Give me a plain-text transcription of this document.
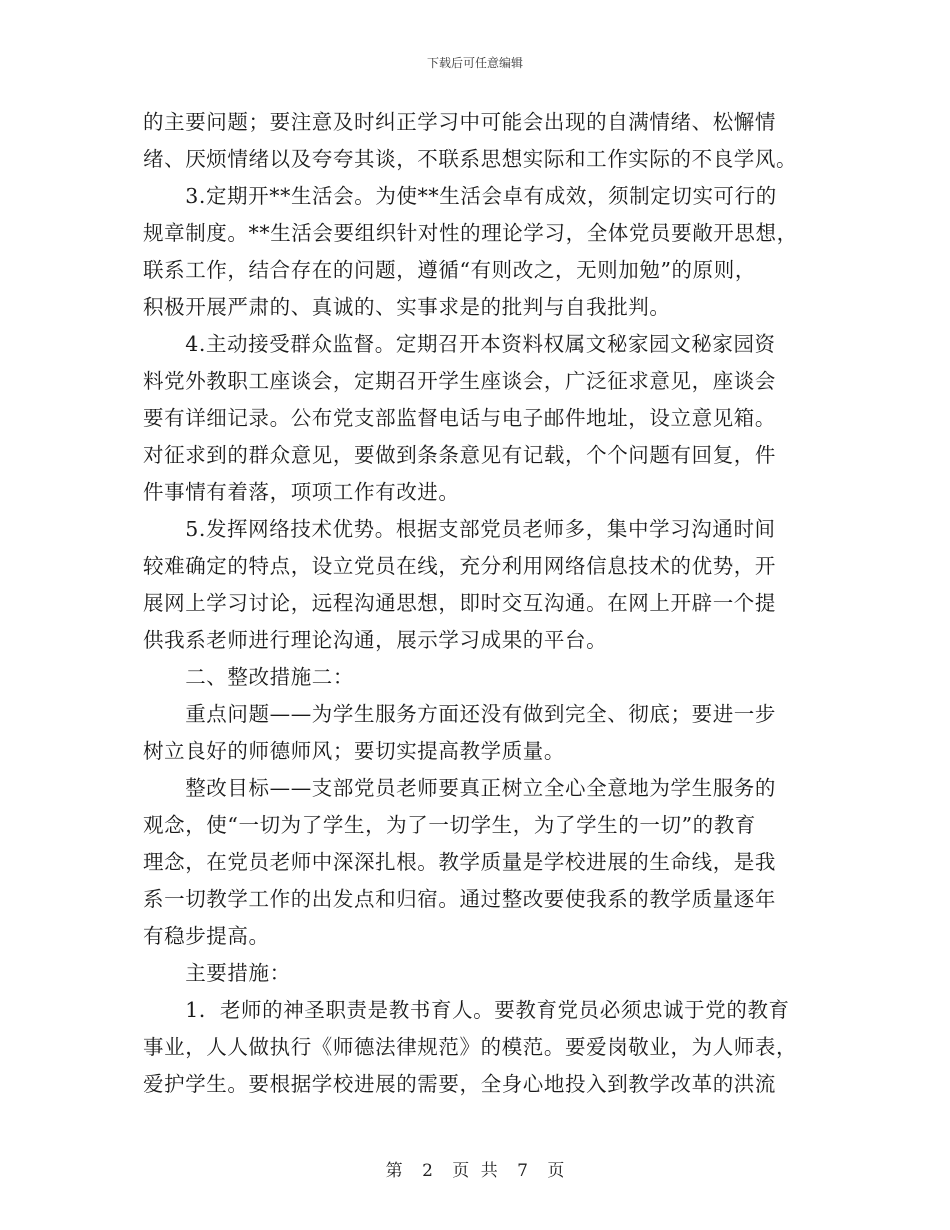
下载后可任意编辑

的主要问题；要注意及时纠正学习中可能会出现的自满情绪、松懈情

绪、厌烦情绪以及夸夸其谈，不联系思想实际和工作实际的不良学风。

　　3.定期开**生活会。为使**生活会卓有成效，须制定切实可行的

规章制度。**生活会要组织针对性的理论学习，全体党员要敞开思想，

联系工作，结合存在的问题，遵循“有则改之，无则加勉”的原则，

积极开展严肃的、真诚的、实事求是的批判与自我批判。

　　4.主动接受群众监督。定期召开本资料权属文秘家园文秘家园资

料党外教职工座谈会，定期召开学生座谈会，广泛征求意见，座谈会

要有详细记录。公布党支部监督电话与电子邮件地址，设立意见箱。

对征求到的群众意见，要做到条条意见有记载，个个问题有回复，件

件事情有着落，项项工作有改进。

　　5.发挥网络技术优势。根据支部党员老师多，集中学习沟通时间

较难确定的特点，设立党员在线，充分利用网络信息技术的优势，开

展网上学习讨论，远程沟通思想，即时交互沟通。在网上开辟一个提

供我系老师进行理论沟通，展示学习成果的平台。

　　二、整改措施二：

　　重点问题——为学生服务方面还没有做到完全、彻底；要进一步

树立良好的师德师风；要切实提高教学质量。

　　整改目标——支部党员老师要真正树立全心全意地为学生服务的

观念，使“一切为了学生，为了一切学生，为了学生的一切”的教育

理念，在党员老师中深深扎根。教学质量是学校进展的生命线，是我

系一切教学工作的出发点和归宿。通过整改要使我系的教学质量逐年

有稳步提高。

　　主要措施：

　　1．老师的神圣职责是教书育人。要教育党员必须忠诚于党的教育

事业，人人做执行《师德法律规范》的模范。要爱岗敬业，为人师表，

爱护学生。要根据学校进展的需要，全身心地投入到教学改革的洪流

第 2 页 共 7 页
